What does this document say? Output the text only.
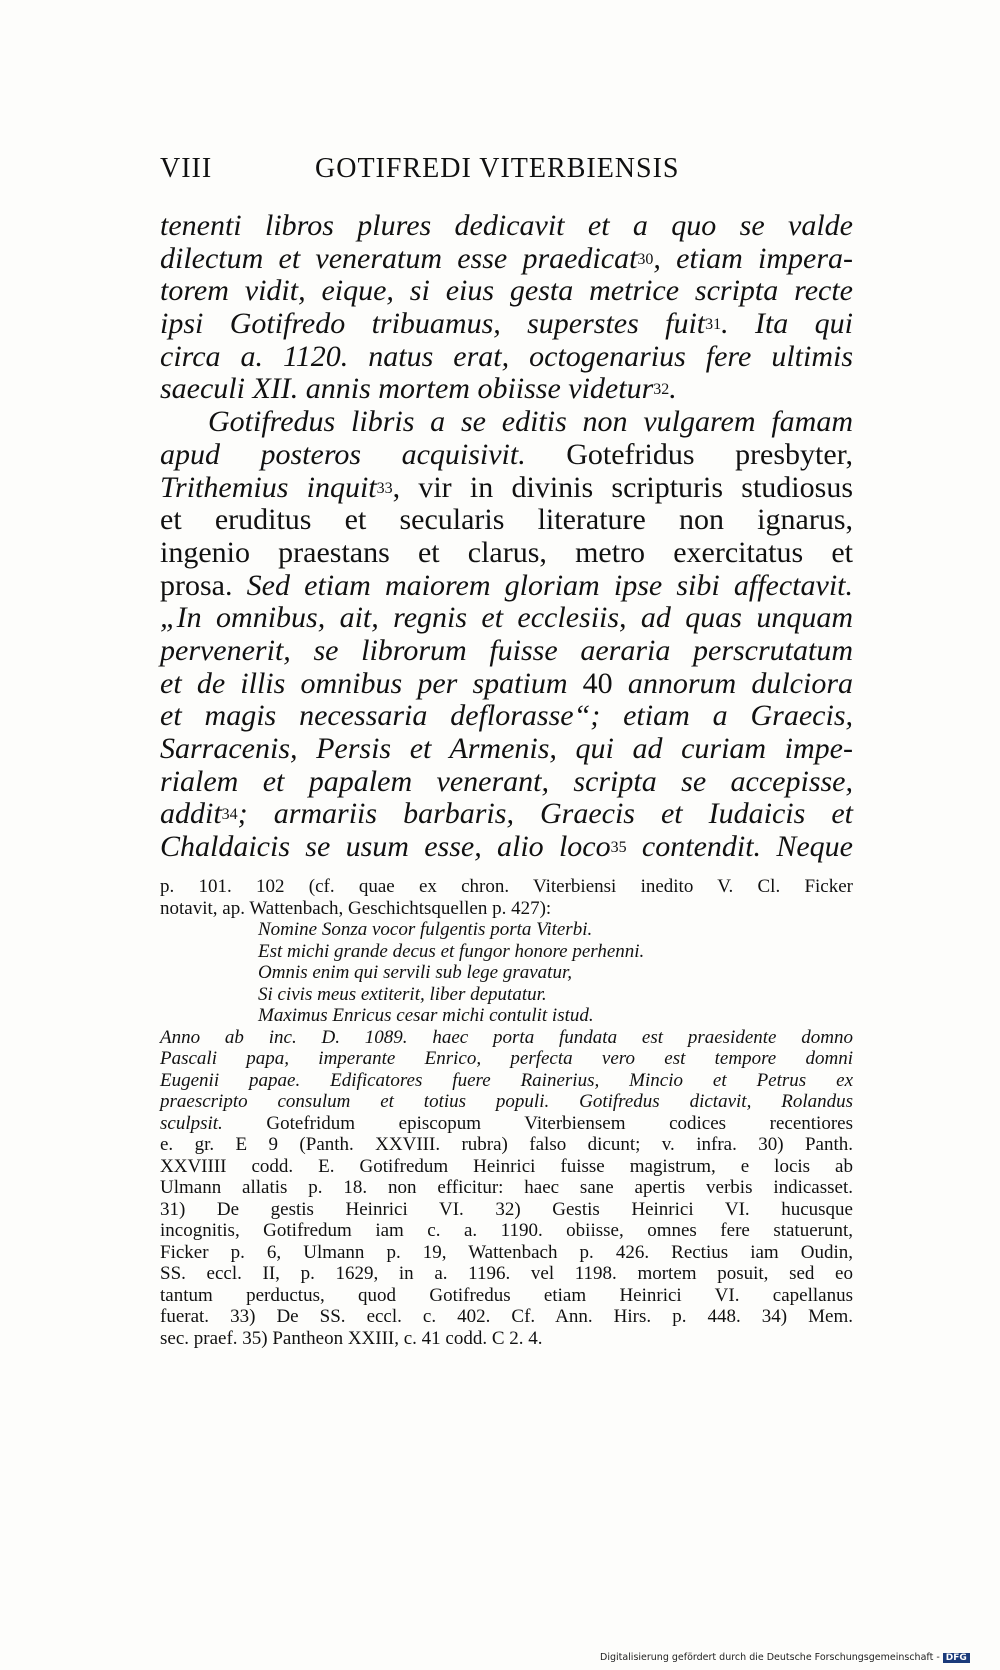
VIII	GOTIFREDI VITERBIENSIS
tenenti libros plures dedicavit et a quo se valde
dilectum et veneratum esse praedicat$^{30}$, etiam impera-
torem vidit, eique, si eius gesta metrice scripta recte
ipsi Gotifredo tribuamus, superstes fuit$^{31}$. Ita qui
circa a. 1120. natus erat, octogenarius fere ultimis
saeculi XII. annis mortem obiisse videtur$^{32}$.
Gotifredus libris a se editis non vulgarem famam
apud posteros acquisivit. Gotefridus presbyter,
Trithemius inquit$^{33}$, vir in divinis scripturis studiosus
et eruditus et secularis literature non ignarus,
ingenio praestans et clarus, metro exercitatus et
prosa. Sed etiam maiorem gloriam ipse sibi affectavit.
„In omnibus, ait, regnis et ecclesiis, ad quas unquam
pervenerit, se librorum fuisse aeraria perscrutatum
et de illis omnibus per spatium 40 annorum dulciora
et magis necessaria deflorasse“; etiam a Graecis,
Sarracenis, Persis et Armenis, qui ad curiam impe-
rialem et papalem venerant, scripta se accepisse,
addit$^{34}$; armariis barbaris, Graecis et Iudaicis et
Chaldaicis se usum esse, alio loco$^{35}$ contendit. Neque
p. 101. 102 (cf. quae ex chron. Viterbiensi inedito V. Cl. Ficker
notavit, ap. Wattenbach, Geschichtsquellen p. 427):
Nomine Sonza vocor fulgentis porta Viterbi.
Est michi grande decus et fungor honore perhenni.
Omnis enim qui servili sub lege gravatur,
Si civis meus extiterit, liber deputatur.
Maximus Enricus cesar michi contulit istud.
Anno ab inc. D. 1089. haec porta fundata est praesidente domno
Pascali papa, imperante Enrico, perfecta vero est tempore domni
Eugenii papae. Edificatores fuere Rainerius, Mincio et Petrus ex
praescripto consulum et totius populi. Gotifredus dictavit, Rolandus
sculpsit. Gotefridum episcopum Viterbiensem codices recentiores
e. gr. E 9 (Panth. XXVIII. rubra) falso dicunt; v. infra. 30) Panth.
XXVIIII codd. E. Gotifredum Heinrici fuisse magistrum, e locis ab
Ulmann allatis p. 18. non efficitur: haec sane apertis verbis indicasset.
31) De gestis Heinrici VI. 32) Gestis Heinrici VI. hucusque
incognitis, Gotifredum iam c. a. 1190. obiisse, omnes fere statuerunt,
Ficker p. 6, Ulmann p. 19, Wattenbach p. 426. Rectius iam Oudin,
SS. eccl. II, p. 1629, in a. 1196. vel 1198. mortem posuit, sed eo
tantum perductus, quod Gotifredus etiam Heinrici VI. capellanus
fuerat. 33) De SS. eccl. c. 402. Cf. Ann. Hirs. p. 448. 34) Mem.
sec. praef. 35) Pantheon XXIII, c. 41 codd. C 2. 4.
Digitalisierung gefördert durch die Deutsche Forschungsgemeinschaft - DFG
